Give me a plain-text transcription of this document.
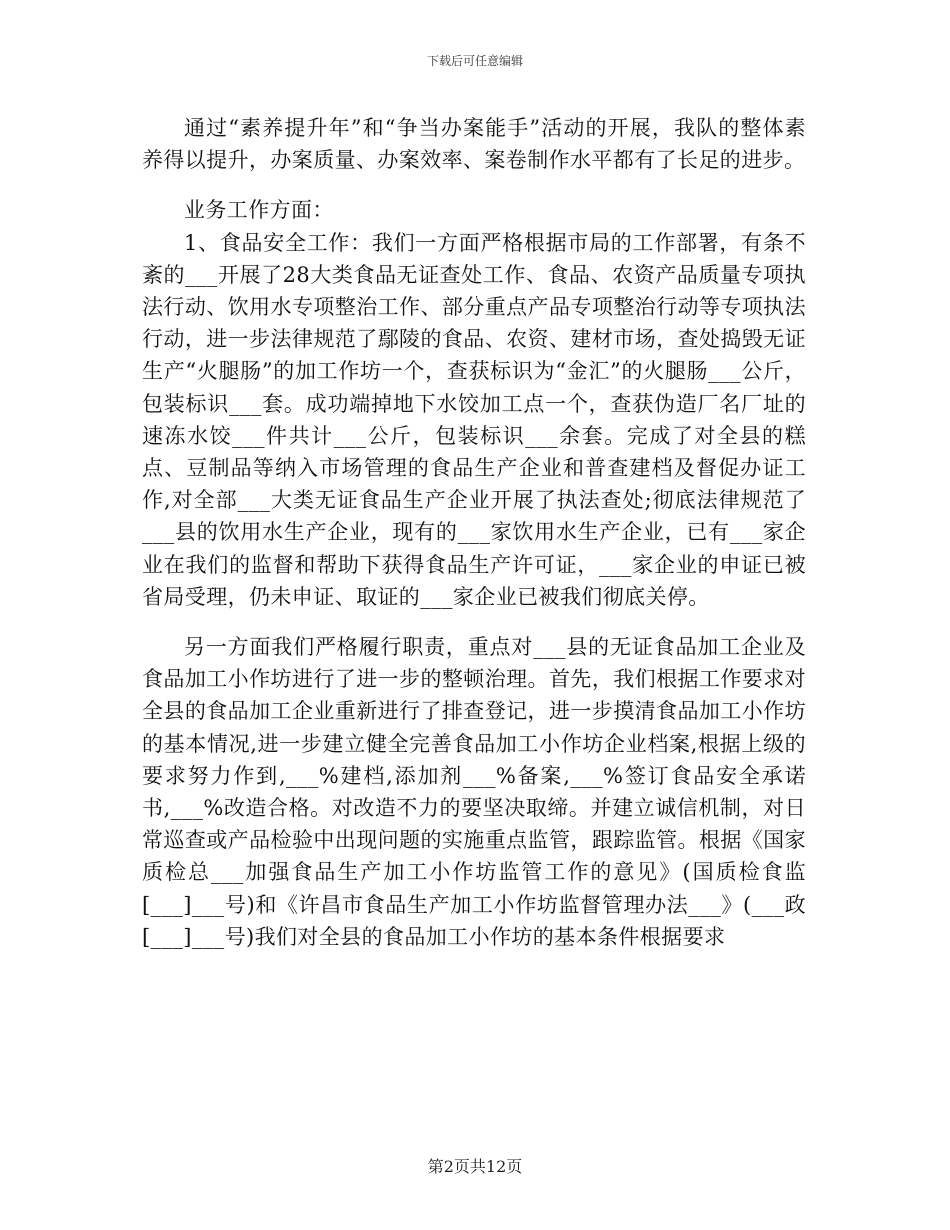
下载后可任意编辑

通过“素养提升年”和“争当办案能手”活动的开展，我队的整体素养得以提升，办案质量、办案效率、案卷制作水平都有了长足的进步。

业务工作方面：

1、食品安全工作：我们一方面严格根据市局的工作部署，有条不紊的___开展了28大类食品无证查处工作、食品、农资产品质量专项执法行动、饮用水专项整治工作、部分重点产品专项整治行动等专项执法行动，进一步法律规范了鄢陵的食品、农资、建材市场，查处捣毁无证生产“火腿肠”的加工作坊一个，查获标识为“金汇”的火腿肠___公斤，包装标识___套。成功端掉地下水饺加工点一个，查获伪造厂名厂址的速冻水饺___件共计___公斤，包装标识___余套。完成了对全县的糕点、豆制品等纳入市场管理的食品生产企业和普查建档及督促办证工作,对全部___大类无证食品生产企业开展了执法查处;彻底法律规范了___县的饮用水生产企业，现有的___家饮用水生产企业，已有___家企业在我们的监督和帮助下获得食品生产许可证，___家企业的申证已被省局受理，仍未申证、取证的___家企业已被我们彻底关停。

另一方面我们严格履行职责，重点对___县的无证食品加工企业及食品加工小作坊进行了进一步的整顿治理。首先，我们根据工作要求对全县的食品加工企业重新进行了排查登记，进一步摸清食品加工小作坊的基本情况,进一步建立健全完善食品加工小作坊企业档案,根据上级的要求努力作到,___%建档,添加剂___%备案,___%签订食品安全承诺书,___%改造合格。对改造不力的要坚决取缔。并建立诚信机制，对日常巡查或产品检验中出现问题的实施重点监管，跟踪监管。根据《国家质检总___加强食品生产加工小作坊监管工作的意见》(国质检食监[___]___号)和《许昌市食品生产加工小作坊监督管理办法___》(___政[___]___号)我们对全县的食品加工小作坊的基本条件根据要求

第2页共12页
